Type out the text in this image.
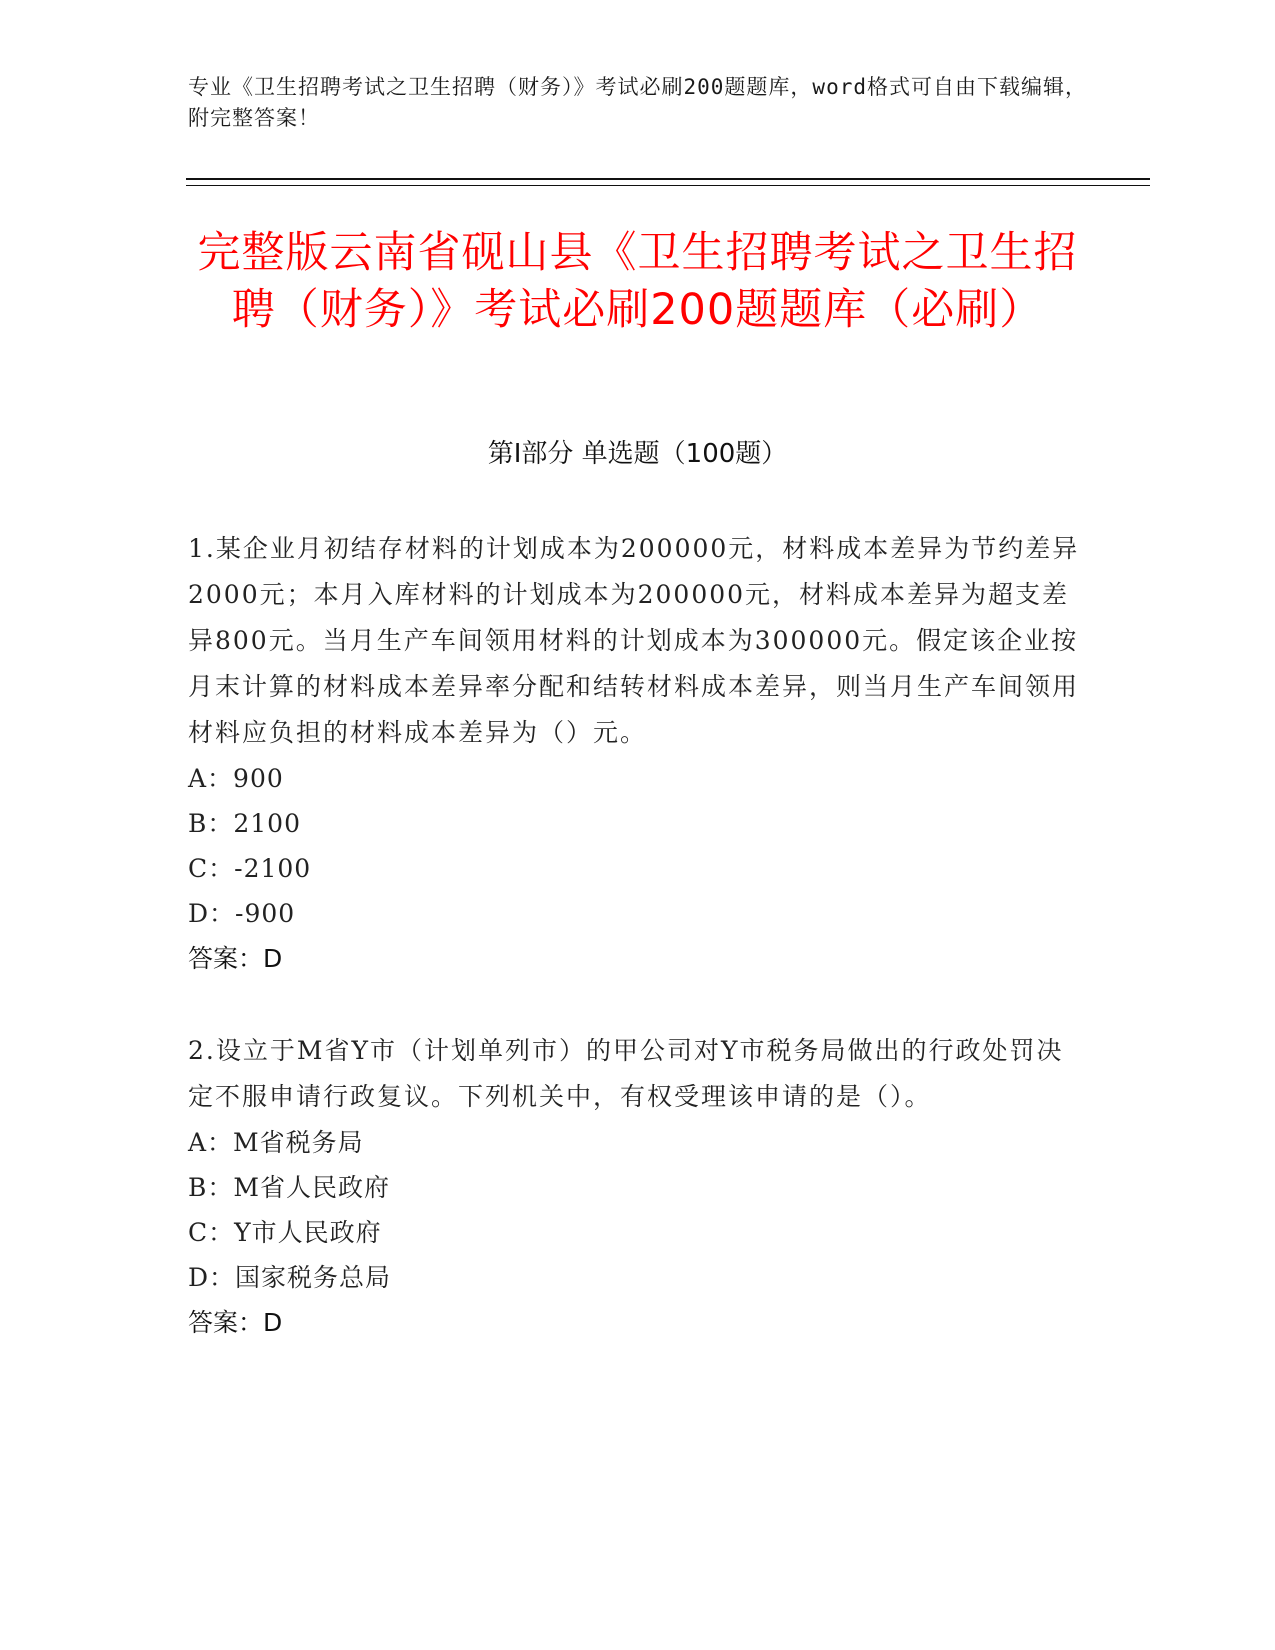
专业《卫生招聘考试之卫生招聘（财务）》考试必刷200题题库，word格式可自由下载编辑，附完整答案！
完整版云南省砚山县《卫生招聘考试之卫生招聘（财务）》考试必刷200题题库（必刷）
第Ⅰ部分 单选题（100题）
1.某企业月初结存材料的计划成本为200000元，材料成本差异为节约差异2000元；本月入库材料的计划成本为200000元，材料成本差异为超支差异800元。当月生产车间领用材料的计划成本为300000元。假定该企业按月末计算的材料成本差异率分配和结转材料成本差异，则当月生产车间领用材料应负担的材料成本差异为（）元。
A：900
B：2100
C：-2100
D：-900
答案：D
2.设立于M省Y市（计划单列市）的甲公司对Y市税务局做出的行政处罚决定不服申请行政复议。下列机关中，有权受理该申请的是（）。
A：M省税务局
B：M省人民政府
C：Y市人民政府
D：国家税务总局
答案：D
